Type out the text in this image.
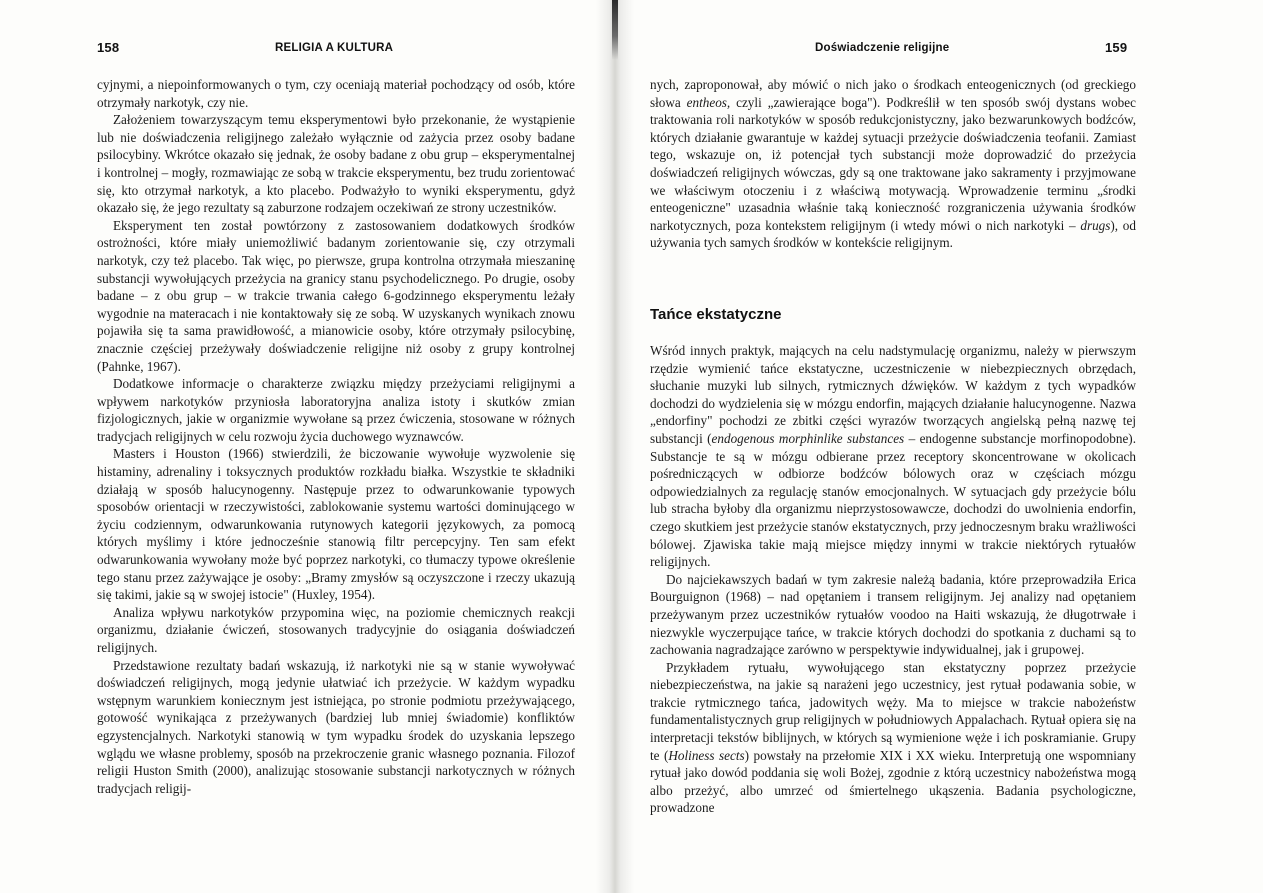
158	RELIGIA A KULTURA

cyjnymi, a niepoinformowanych o tym, czy oceniają materiał pochodzący od osób, które otrzymały narkotyk, czy nie.

Założeniem towarzyszącym temu eksperymentowi było przekonanie, że wystąpienie lub nie doświadczenia religijnego zależało wyłącznie od zażycia przez osoby badane psilocybiny. Wkrótce okazało się jednak, że osoby badane z obu grup – eksperymentalnej i kontrolnej – mogły, rozmawiając ze sobą w trakcie eksperymentu, bez trudu zorientować się, kto otrzymał narkotyk, a kto placebo. Podważyło to wyniki eksperymentu, gdyż okazało się, że jego rezultaty są zaburzone rodzajem oczekiwań ze strony uczestników.

Eksperyment ten został powtórzony z zastosowaniem dodatkowych środków ostrożności, które miały uniemożliwić badanym zorientowanie się, czy otrzymali narkotyk, czy też placebo. Tak więc, po pierwsze, grupa kontrolna otrzymała mieszaninę substancji wywołujących przeżycia na granicy stanu psychodelicznego. Po drugie, osoby badane – z obu grup – w trakcie trwania całego 6-godzinnego eksperymentu leżały wygodnie na materacach i nie kontaktowały się ze sobą. W uzyskanych wynikach znowu pojawiła się ta sama prawidłowość, a mianowicie osoby, które otrzymały psilocybinę, znacznie częściej przeżywały doświadczenie religijne niż osoby z grupy kontrolnej (Pahnke, 1967).

Dodatkowe informacje o charakterze związku między przeżyciami religijnymi a wpływem narkotyków przyniosła laboratoryjna analiza istoty i skutków zmian fizjologicznych, jakie w organizmie wywołane są przez ćwiczenia, stosowane w różnych tradycjach religijnych w celu rozwoju życia duchowego wyznawców.

Masters i Houston (1966) stwierdzili, że biczowanie wywołuje wyzwolenie się histaminy, adrenaliny i toksycznych produktów rozkładu białka. Wszystkie te składniki działają w sposób halucynogenny. Następuje przez to odwarunkowanie typowych sposobów orientacji w rzeczywistości, zablokowanie systemu wartości dominującego w życiu codziennym, odwarunkowania rutynowych kategorii językowych, za pomocą których myślimy i które jednocześnie stanowią filtr percepcyjny. Ten sam efekt odwarunkowania wywołany może być poprzez narkotyki, co tłumaczy typowe określenie tego stanu przez zażywające je osoby: „Bramy zmysłów są oczyszczone i rzeczy ukazują się takimi, jakie są w swojej istocie" (Huxley, 1954).

Analiza wpływu narkotyków przypomina więc, na poziomie chemicznych reakcji organizmu, działanie ćwiczeń, stosowanych tradycyjnie do osiągania doświadczeń religijnych.

Przedstawione rezultaty badań wskazują, iż narkotyki nie są w stanie wywoływać doświadczeń religijnych, mogą jedynie ułatwiać ich przeżycie. W każdym wypadku wstępnym warunkiem koniecznym jest istniejąca, po stronie podmiotu przeżywającego, gotowość wynikająca z przeżywanych (bardziej lub mniej świadomie) konfliktów egzystencjalnych. Narkotyki stanowią w tym wypadku środek do uzyskania lepszego wglądu we własne problemy, sposób na przekroczenie granic własnego poznania. Filozof religii Huston Smith (2000), analizując stosowanie substancji narkotycznych w różnych tradycjach religij-

Doświadczenie religijne	159

nych, zaproponował, aby mówić o nich jako o środkach enteogenicznych (od greckiego słowa entheos, czyli „zawierające boga"). Podkreślił w ten sposób swój dystans wobec traktowania roli narkotyków w sposób redukcjonistyczny, jako bezwarunkowych bodźców, których działanie gwarantuje w każdej sytuacji przeżycie doświadczenia teofanii. Zamiast tego, wskazuje on, iż potencjał tych substancji może doprowadzić do przeżycia doświadczeń religijnych wówczas, gdy są one traktowane jako sakramenty i przyjmowane we właściwym otoczeniu i z właściwą motywacją. Wprowadzenie terminu „środki enteogeniczne" uzasadnia właśnie taką konieczność rozgraniczenia używania środków narkotycznych, poza kontekstem religijnym (i wtedy mówi o nich narkotyki – drugs), od używania tych samych środków w kontekście religijnym.

Tańce ekstatyczne

Wśród innych praktyk, mających na celu nadstymulację organizmu, należy w pierwszym rzędzie wymienić tańce ekstatyczne, uczestniczenie w niebezpiecznych obrzędach, słuchanie muzyki lub silnych, rytmicznych dźwięków. W każdym z tych wypadków dochodzi do wydzielenia się w mózgu endorfin, mających działanie halucynogenne. Nazwa „endorfiny" pochodzi ze zbitki części wyrazów tworzących angielską pełną nazwę tej substancji (endogenous morphinlike substances – endogenne substancje morfinopodobne). Substancje te są w mózgu odbierane przez receptory skoncentrowane w okolicach pośredniczących w odbiorze bodźców bólowych oraz w częściach mózgu odpowiedzialnych za regulację stanów emocjonalnych. W sytuacjach gdy przeżycie bólu lub stracha byłoby dla organizmu nieprzystosowawcze, dochodzi do uwolnienia endorfin, czego skutkiem jest przeżycie stanów ekstatycznych, przy jednoczesnym braku wrażliwości bólowej. Zjawiska takie mają miejsce między innymi w trakcie niektórych rytuałów religijnych.

Do najciekawszych badań w tym zakresie należą badania, które przeprowadziła Erica Bourguignon (1968) – nad opętaniem i transem religijnym. Jej analizy nad opętaniem przeżywanym przez uczestników rytuałów voodoo na Haiti wskazują, że długotrwałe i niezwykle wyczerpujące tańce, w trakcie których dochodzi do spotkania z duchami są to zachowania nagradzające zarówno w perspektywie indywidualnej, jak i grupowej.

Przykładem rytuału, wywołującego stan ekstatyczny poprzez przeżycie niebezpieczeństwa, na jakie są narażeni jego uczestnicy, jest rytuał podawania sobie, w trakcie rytmicznego tańca, jadowitych węży. Ma to miejsce w trakcie nabożeństw fundamentalistycznych grup religijnych w południowych Appalachach. Rytuał opiera się na interpretacji tekstów biblijnych, w których są wymienione węże i ich poskramianie. Grupy te (Holiness sects) powstały na przełomie XIX i XX wieku. Interpretują one wspomniany rytuał jako dowód poddania się woli Bożej, zgodnie z którą uczestnicy nabożeństwa mogą albo przeżyć, albo umrzeć od śmiertelnego ukąszenia. Badania psychologiczne, prowadzone
